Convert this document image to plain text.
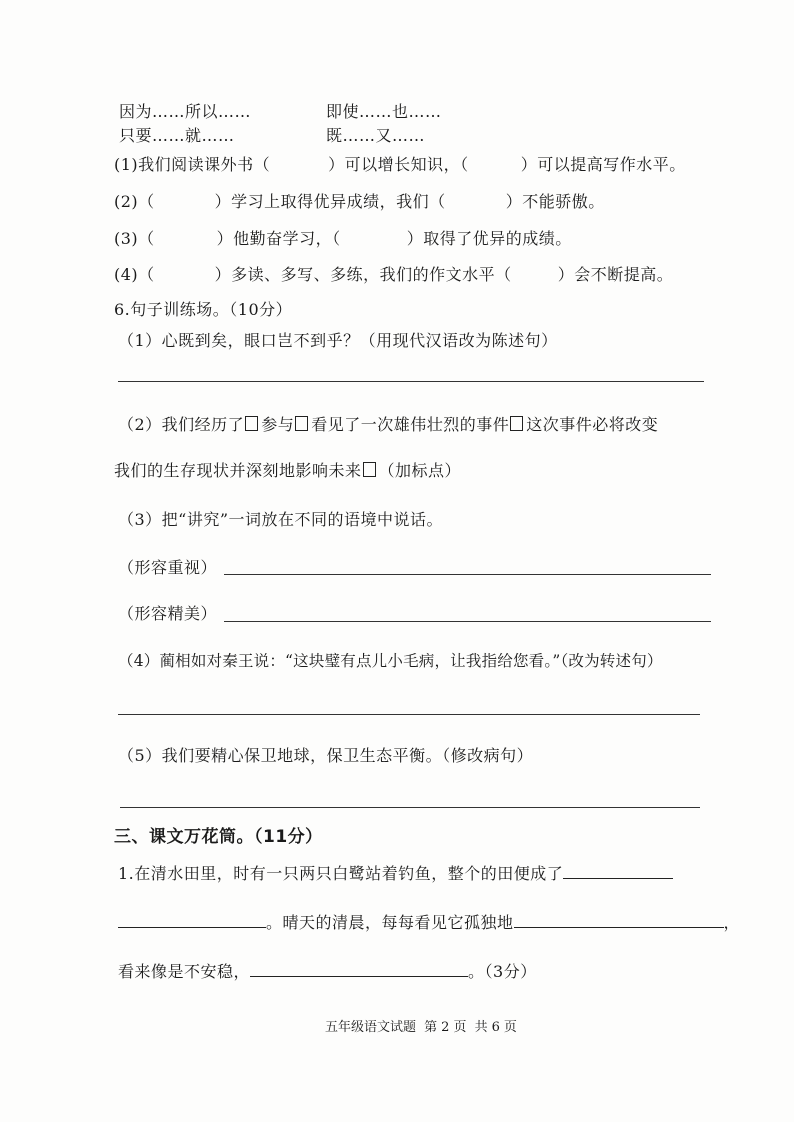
因为……所以……	即使……也……
只要……就……	既……又……
(1)我们阅读课外书（	）可以增长知识，（	）可以提高写作水平。
(2)（	）学习上取得优异成绩，我们（	）不能骄傲。
(3)（	）他勤奋学习，（	）取得了优异的成绩。
(4)（	）多读、多写、多练，我们的作文水平（	）会不断提高。
6.句子训练场。（10分）
（1）心既到矣，眼口岂不到乎？（用现代汉语改为陈述句）
（2）我们经历了 参与 看见了一次雄伟壮烈的事件 这次事件必将改变
我们的生存现状并深刻地影响未来 （加标点）
（3）把“讲究”一词放在不同的语境中说话。
（形容重视）
（形容精美）
（4）蔺相如对秦王说：“这块璧有点儿小毛病，让我指给您看。”（改为转述句）
（5）我们要精心保卫地球，保卫生态平衡。（修改病句）
三、课文万花筒。（11分）
1.在清水田里，时有一只两只白鹭站着钓鱼，整个的田便成了
。晴天的清晨，每每看见它孤独地	，
看来像是不安稳，	。（3分）
五年级语文试题 第 2 页 共 6 页
